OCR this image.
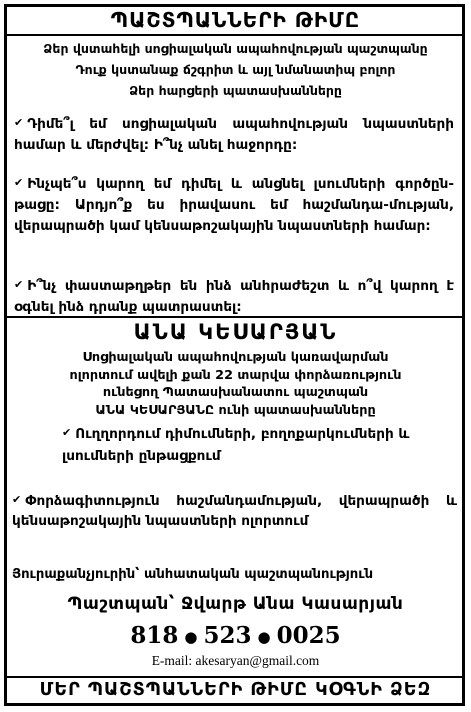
ՊԱՇՏՊԱՆՆԵՐԻ ԹԻՄԸ
Ձեր վստահելի սոցիալական ապահովության պաշտպանը
Դուք կստանաք ճշգրիտ և այլ նմանատիպ բոլոր
Ձեր հարցերի պատասխանները
✔ Դիմե՞լ եմ սոցիալական ապահովության նպաստների համար և մերժվել: Ի՞նչ անել հաջորդը:
✔ Ինչպե՞ս կարող եմ դիմել և անցնել լսումների գործըն-թացը: Արդյո՞ք ես իրավասու եմ հաշմանդա-մության, վերապրածի կամ կենսաթոշակային նպաստների համար:
✔ Ի՞նչ փաստաթղթեր են ինձ անհրաժեշտ և ո՞վ կարող է օգնել ինձ դրանք պատրաստել:
ԱՆԱ ԿԵՍԱՐՅԱՆ
Սոցիալական ապահովության կառավարման
ոլորտում ավելի քան 22 տարվա փորձառություն
ունեցող Պատասխանատու պաշտպան
ԱՆԱ ԿԵՍԱՐՅԱՆԸ ունի պատասխանները
✔ Ուղղորդում դիմումների, բողոքարկումների և լսումների ընթացքում
✔ Փորձագիտություն հաշմանդամության, վերապրածի և կենսաթոշակային նպաստների ոլորտում
Յուրաքանչյուրին՝ անհատական պաշտպանություն
Պաշտպան՝ Ջվարթ Անա Կասարյան
818 ● 523 ● 0025
E-mail: akesaryan@gmail.com
ՄԵՐ ՊԱՇՏՊԱՆՆԵՐԻ ԹԻՄԸ ԿՕԳՆԻ ՁԵԶ
